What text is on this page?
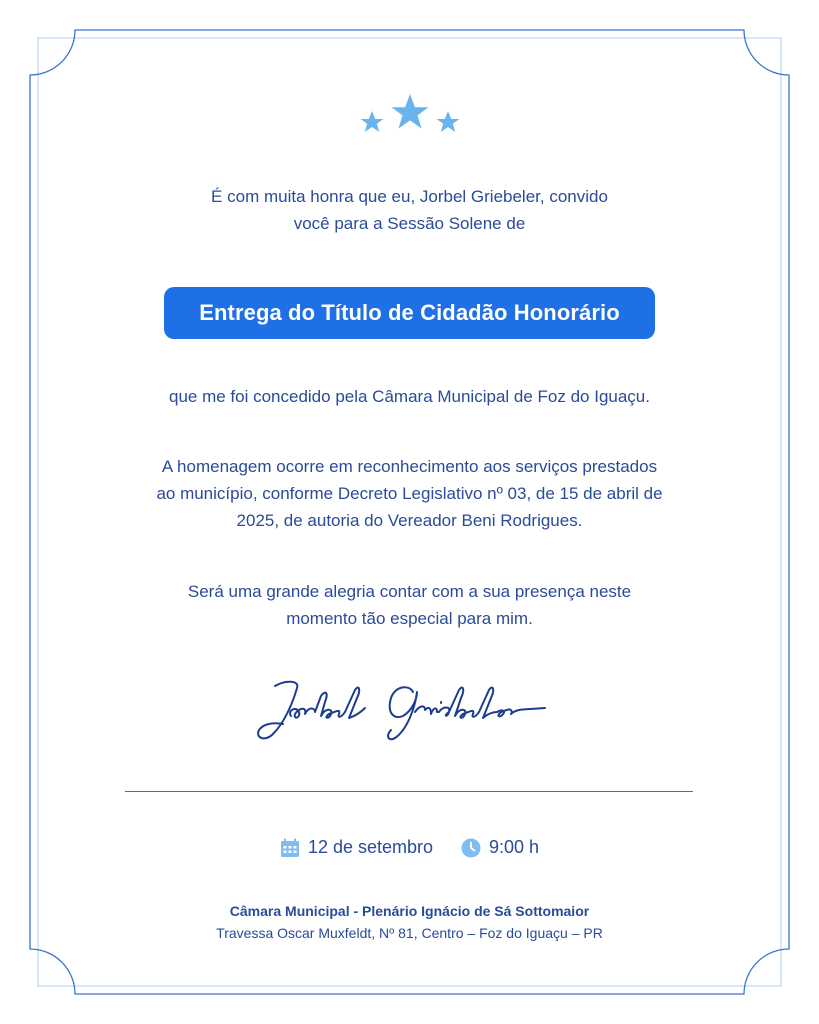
É com muita honra que eu, Jorbel Griebeler, convido

você para a Sessão Solene de

Entrega do Título de Cidadão Honorário

que me foi concedido pela Câmara Municipal de Foz do Iguaçu.

A homenagem ocorre em reconhecimento aos serviços prestados

ao município, conforme Decreto Legislativo nº 03, de 15 de abril de

2025, de autoria do Vereador Beni Rodrigues.

Será uma grande alegria contar com a sua presença neste

momento tão especial para mim.

12 de setembro	9:00 h
Câmara Municipal - Plenário Ignácio de Sá Sottomaior
Travessa Oscar Muxfeldt, Nº 81, Centro – Foz do Iguaçu – PR
